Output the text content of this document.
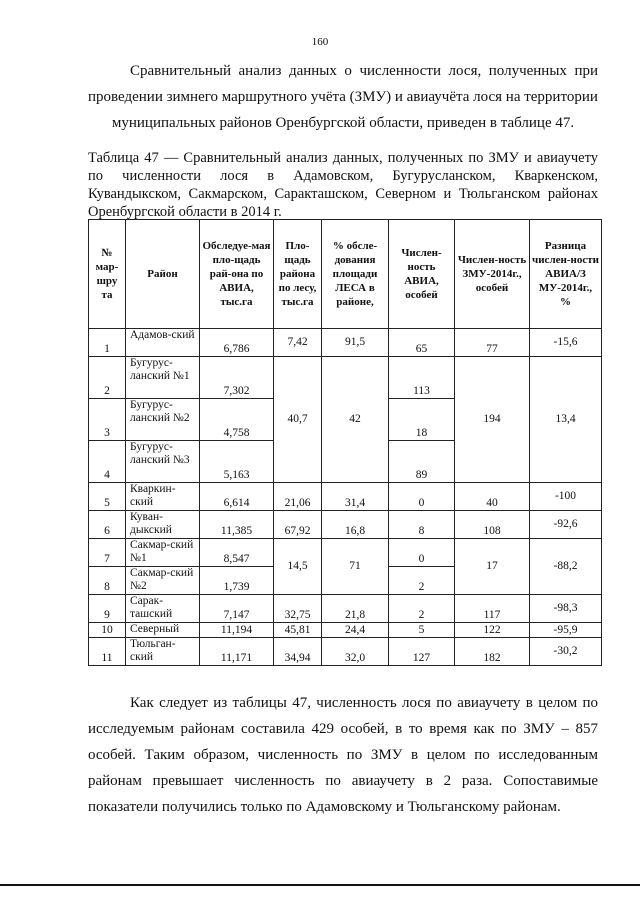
160
Сравнительный анализ данных о численности лося, полученных при проведении зимнего маршрутного учёта (ЗМУ) и авиаучёта лося на территории
муниципальных районов Оренбургской области, приведен в таблице 47.
Таблица 47 — Сравнительный анализ данных, полученных по ЗМУ и авиаучету по численности лося в Адамовском, Бугурусланском, Кваркенском, Кувандыкском, Сакмарском, Саракташском, Северном и Тюльганском районах Оренбургской области в 2014 г.
№ мар-шру та	Район	Обследуе-мая пло-щадь рай-она по АВИА, тыс.га	Пло-щадь района по лесу, тыс.га	% обсле-дования площади ЛЕСА в районе,	Числен-ность АВИА, особей	Числен-ность ЗМУ-2014г., особей	Разница числен-ности АВИА/З МУ-2014г., %
1	Адамов-ский	6,786	7,42	91,5	65	77	-15,6
2	Бугурус-ланский №1	7,302	40,7	42	113	194	13,4
3	Бугурус-ланский №2	4,758			18		
4	Бугурус-ланский №3	5,163			89		
5	Кваркин-ский	6,614	21,06	31,4	0	40	-100
6	Куван-дыкский	11,385	67,92	16,8	8	108	-92,6
7	Сакмар-ский №1	8,547	14,5	71	0	17	-88,2
8	Сакмар-ский №2	1,739			2		
9	Сарак-ташский	7,147	32,75	21,8	2	117	-98,3
10	Северный	11,194	45,81	24,4	5	122	-95,9
11	Тюльган-ский	11,171	34,94	32,0	127	182	-30,2
Как следует из таблицы 47, численность лося по авиаучету в целом по исследуемым районам составила 429 особей, в то время как по ЗМУ – 857 особей. Таким образом, численность по ЗМУ в целом по исследованным районам превышает численность по авиаучету в 2 раза. Сопоставимые показатели получились только по Адамовскому и Тюльганскому районам.
